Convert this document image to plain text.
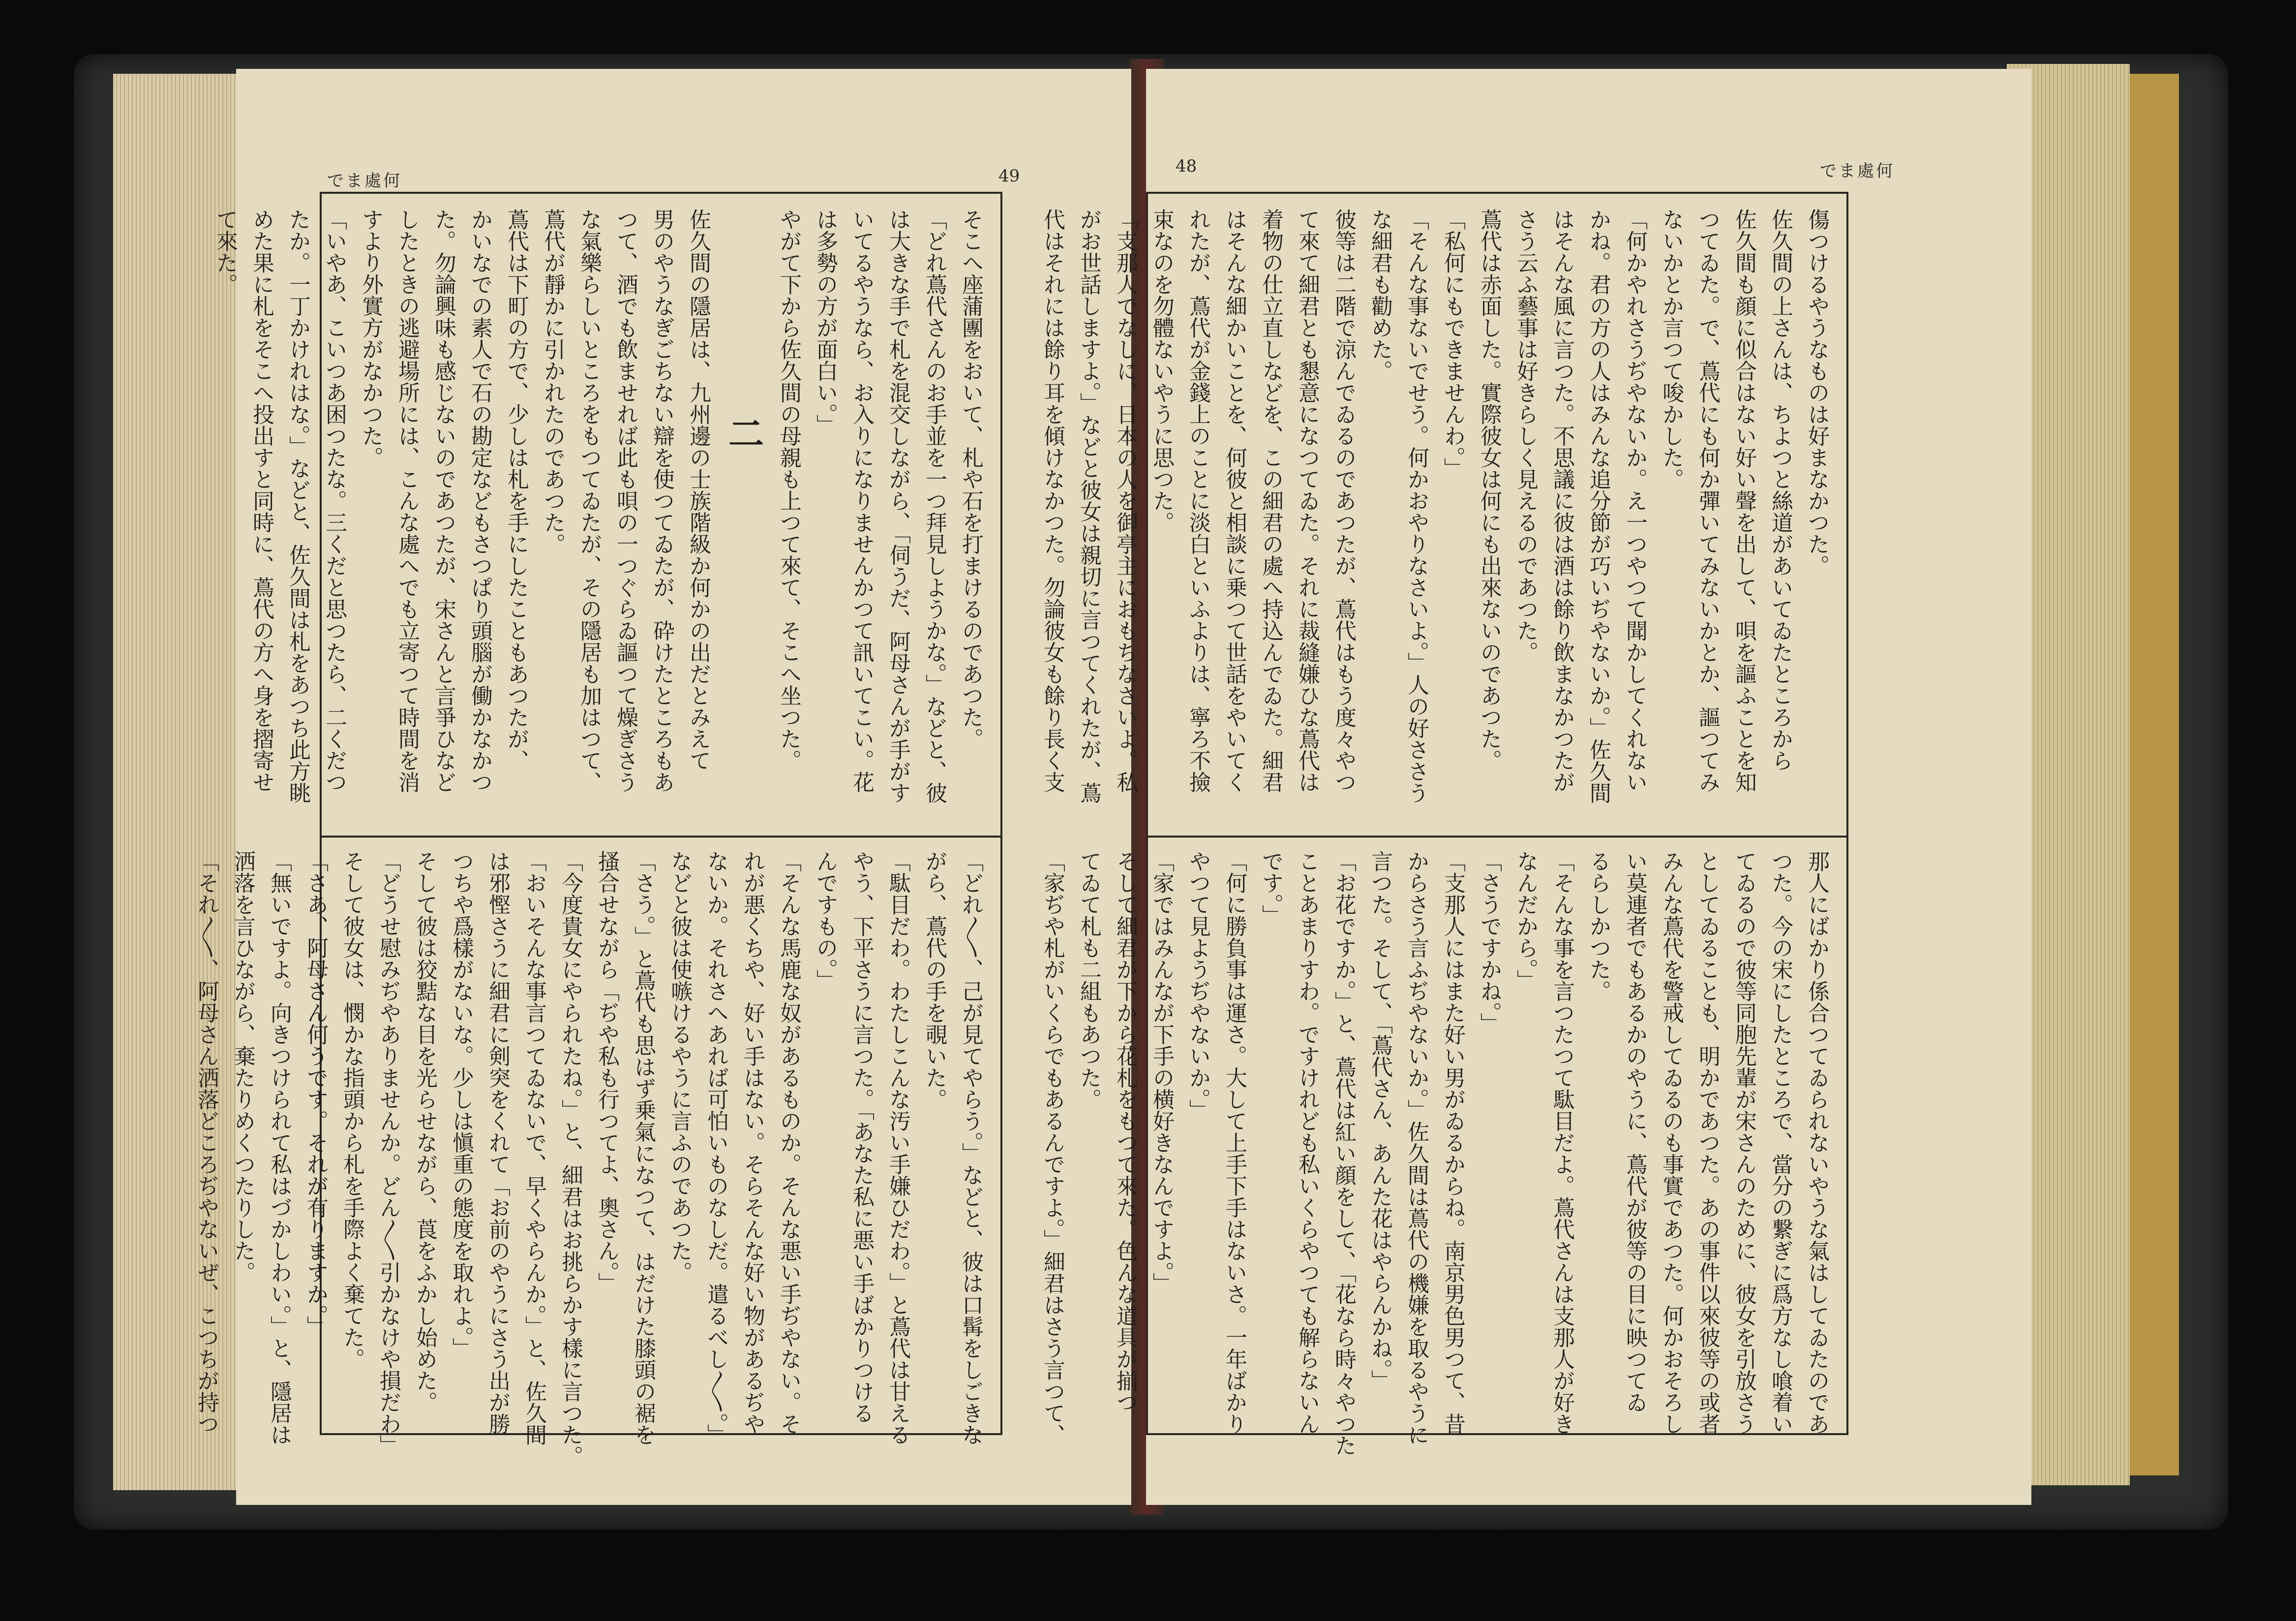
でま處何	49
そこへ座蒲團をおいて、札や石を打まけるのであつた。
「どれ蔦代さんのお手並を一つ拜見しようかな。」などと、彼
は大きな手で札を混交しながら、「伺うだ、阿母さんが手がす
いてるやうなら、お入りになりませんかつて訊いてこい。花
は多勢の方が面白い。」
やがて下から佐久間の母親も上つて來て、そこへ坐つた。
二
佐久間の隱居は、九州邊の士族階級か何かの出だとみえて
男のやうなぎごちない辯を使つてゐたが、砕けたところもあ
つて、酒でも飲ませれば此も唄の一つぐらゐ謳つて燥ぎさう
な氣樂らしいところをもつてゐたが、その隱居も加はつて、
蔦代が靜かに引かれたのであつた。
蔦代は下町の方で、少しは札を手にしたこともあつたが、
かいなでの素人で石の勘定などもさつぱり頭腦が働かなかつ
た。勿論興味も感じないのであつたが、宋さんと言爭ひなど
したときの逃避場所には、こんな處へでも立寄つて時間を消
すより外實方がなかつた。
「いやあ、こいつあ困つたな。三くだと思つたら、二くだつ
たか。一丁かけれはな。」などと、佐久間は札をあつち此方眺
めた果に札をそこへ投出すと同時に、蔦代の方へ身を摺寄せ
て來た。
「どれ〳〵、己が見てやらう。」などと、彼は口髯をしごきな
がら、蔦代の手を覗いた。
「駄目だわ。わたしこんな汚い手嫌ひだわ。」と蔦代は甘える
やう、下平さうに言つた。「あなた私に悪い手ばかりつける
んですもの。」
「そんな馬鹿な奴があるものか。そんな悪い手ぢやない。そ
れが悪くちや、好い手はない。そらそんな好い物があるぢや
ないか。それさへあれば可怕いものなしだ。遣るべし〳〵。」
などと彼は使嗾けるやうに言ふのであつた。
「さう。」と蔦代も思はず乗氣になつて、はだけた膝頭の裾を
搔合せながら「ぢや私も行つてよ、奧さん。」
「今度貴女にやられたね。」と、細君はお挑らかす樣に言つた。
「おいそんな事言つてゐないで、早くやらんか。」と、佐久間
は邪慳さうに細君に剣突をくれて「お前のやうにさう出が勝
つちや爲樣がないな。少しは愼重の態度を取れよ。」
そして彼は狡黠な目を光らせながら、莨をふかし始めた。
「どうせ慰みぢやありませんか。どん〳〵引かなけや損だわ」
そして彼女は、憫かな指頭から札を手際よく棄てた。
「さあ、阿母さん何うです。それが有りますか。」
「無いですよ。向きつけられて私はづかしわい。」と、隱居は
洒落を言ひながら、棄たりめくつたりした。
「それ〳〵、阿母さん洒落どころぢやないぜ、こつちが持つ
48	でま處何
傷つけるやうなものは好まなかつた。
佐久間の上さんは、ちよつと絲道があいてゐたところから
佐久間も顔に似合はない好い聲を出して、唄を謳ふことを知
つてゐた。で、蔦代にも何か彈いてみないかとか、謳つてみ
ないかとか言つて唆かした。
「何かやれさうぢやないか。え一つやつて聞かしてくれない
かね。君の方の人はみんな追分節が巧いぢやないか。」佐久間
はそんな風に言つた。不思議に彼は酒は餘り飲まなかつたが
さう云ふ藝事は好きらしく見えるのであつた。
蔦代は赤面した。實際彼女は何にも出來ないのであつた。
「私何にもできませんわ。」
「そんな事ないでせう。何かおやりなさいよ。」人の好ささう
な細君も勸めた。
彼等は二階で涼んでゐるのであつたが、蔦代はもう度々やつ
て來て細君とも懇意になつてゐた。それに裁縫嫌ひな蔦代は
着物の仕立直しなどを、この細君の處へ持込んでゐた。細君
はそんな細かいことを、何彼と相談に乗つて世話をやいてく
れたが、蔦代が金錢上のことに淡白といふよりは、寧ろ不撿
束なのを勿體ないやうに思つた。
「支那人でなしに、日本の人を御亭主におもちなさいよ。私
がお世話しますよ。」などと彼女は親切に言つてくれたが、蔦
代はそれには餘り耳を傾けなかつた。勿論彼女も餘り長く支
那人にばかり係合つてゐられないやうな氣はしてゐたのであ
つた。今の宋にしたところで、當分の繋ぎに爲方なし喰着い
てゐるので彼等同胞先輩が宋さんのために、彼女を引放さう
としてゐることも、明かであつた。あの事件以來彼等の或者
みんな蔦代を警戒してゐるのも事實であつた。何かおそろし
い莫連者でもあるかのやうに、蔦代が彼等の目に映つてゐ
るらしかつた。
「そんな事を言つたつて駄目だよ。蔦代さんは支那人が好き
なんだから。」
「さうですかね。」
「支那人にはまた好い男がゐるからね。南京男色男つて、昔
からさう言ふぢやないか。」佐久間は蔦代の機嫌を取るやうに
言つた。そして、「蔦代さん、あんた花はやらんかね。」
「お花ですか。」と、蔦代は紅い顔をして、「花なら時々やつた
ことあまりすわ。ですけれども私いくらやつても解らないん
です。」
「何に勝負事は運さ。大して上手下手はないさ。一年ばかり
やつて見ようぢやないか。」
「家ではみんなが下手の横好きなんですよ。」
そして細君が下から花札をもつて來た。色んな道具が揃つ
てゐて札も二組もあつた。
「家ぢや札がいくらでもあるんですよ。」細君はさう言つて、
